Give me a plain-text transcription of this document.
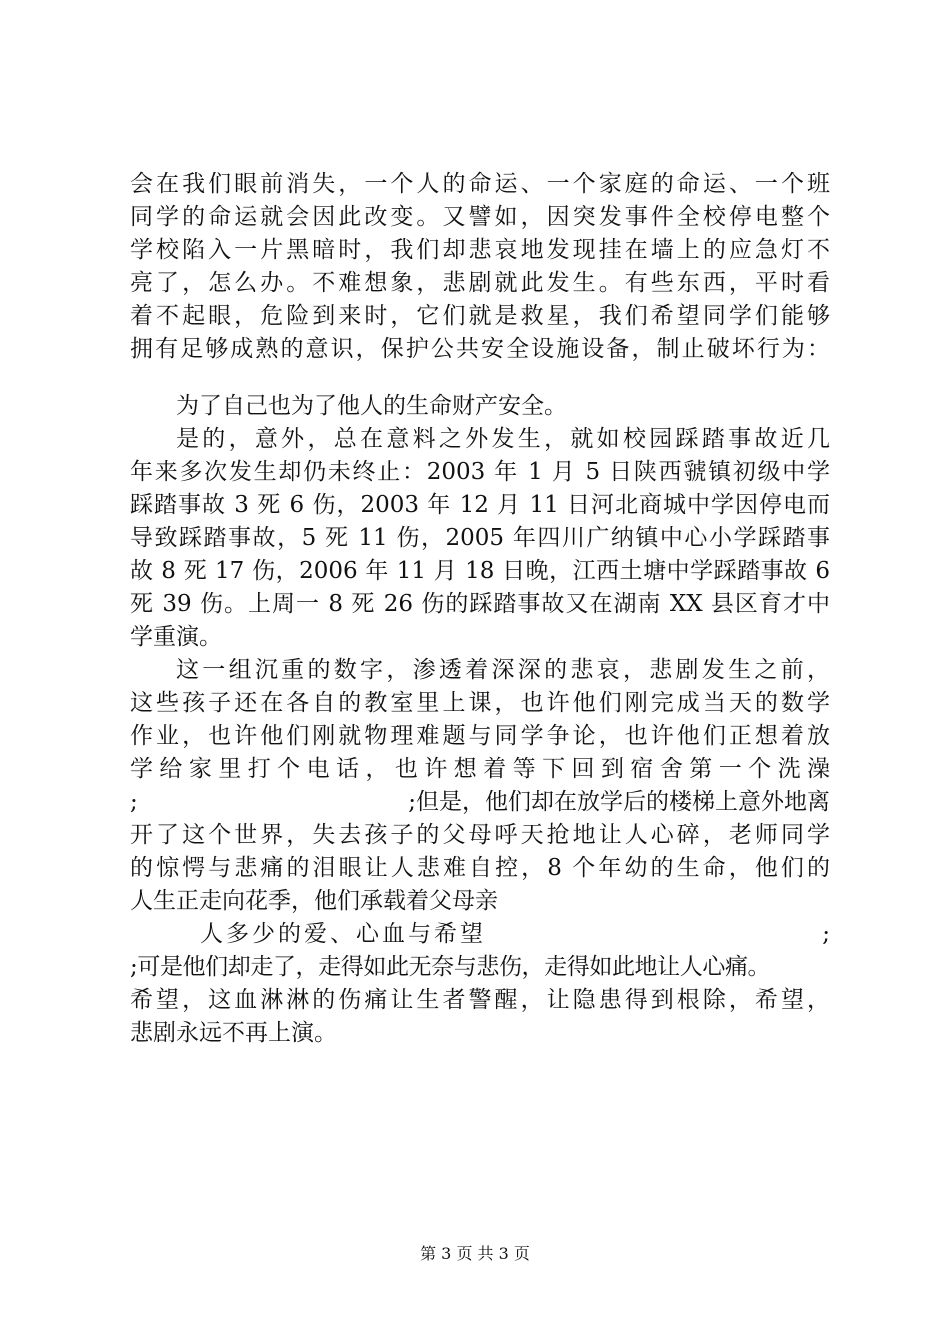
会在我们眼前消失，一个人的命运、一个家庭的命运、一个班
同学的命运就会因此改变。又譬如，因突发事件全校停电整个
学校陷入一片黑暗时，我们却悲哀地发现挂在墙上的应急灯不
亮了，怎么办。不难想象，悲剧就此发生。有些东西，平时看
着不起眼，危险到来时，它们就是救星，我们希望同学们能够
拥有足够成熟的意识，保护公共安全设施设备，制止破坏行为：
为了自己也为了他人的生命财产安全。
是的，意外，总在意料之外发生，就如校园踩踏事故近几
年来多次发生却仍未终止：2003 年 1 月 5 日陕西虢镇初级中学
踩踏事故 3 死 6 伤，2003 年 12 月 11 日河北商城中学因停电而
导致踩踏事故，5 死 11 伤，2005 年四川广纳镇中心小学踩踏事
故 8 死 17 伤，2006 年 11 月 18 日晚，江西土塘中学踩踏事故 6
死 39 伤。上周一 8 死 26 伤的踩踏事故又在湖南 XX 县区育才中
学重演。
这一组沉重的数字，渗透着深深的悲哀，悲剧发生之前，
这些孩子还在各自的教室里上课，也许他们刚完成当天的数学
作业，也许他们刚就物理难题与同学争论，也许他们正想着放
学给家里打个电话，也许想着等下回到宿舍第一个洗澡
;	;但是，他们却在放学后的楼梯上意外地离
开了这个世界，失去孩子的父母呼天抢地让人心碎，老师同学
的惊愕与悲痛的泪眼让人悲难自控，8 个年幼的生命，他们的
人生正走向花季，他们承载着父母亲
人多少的爱、心血与希望	;
;可是他们却走了，走得如此无奈与悲伤，走得如此地让人心痛。
希望，这血淋淋的伤痛让生者警醒，让隐患得到根除，希望，
悲剧永远不再上演。
第 3 页 共 3 页
